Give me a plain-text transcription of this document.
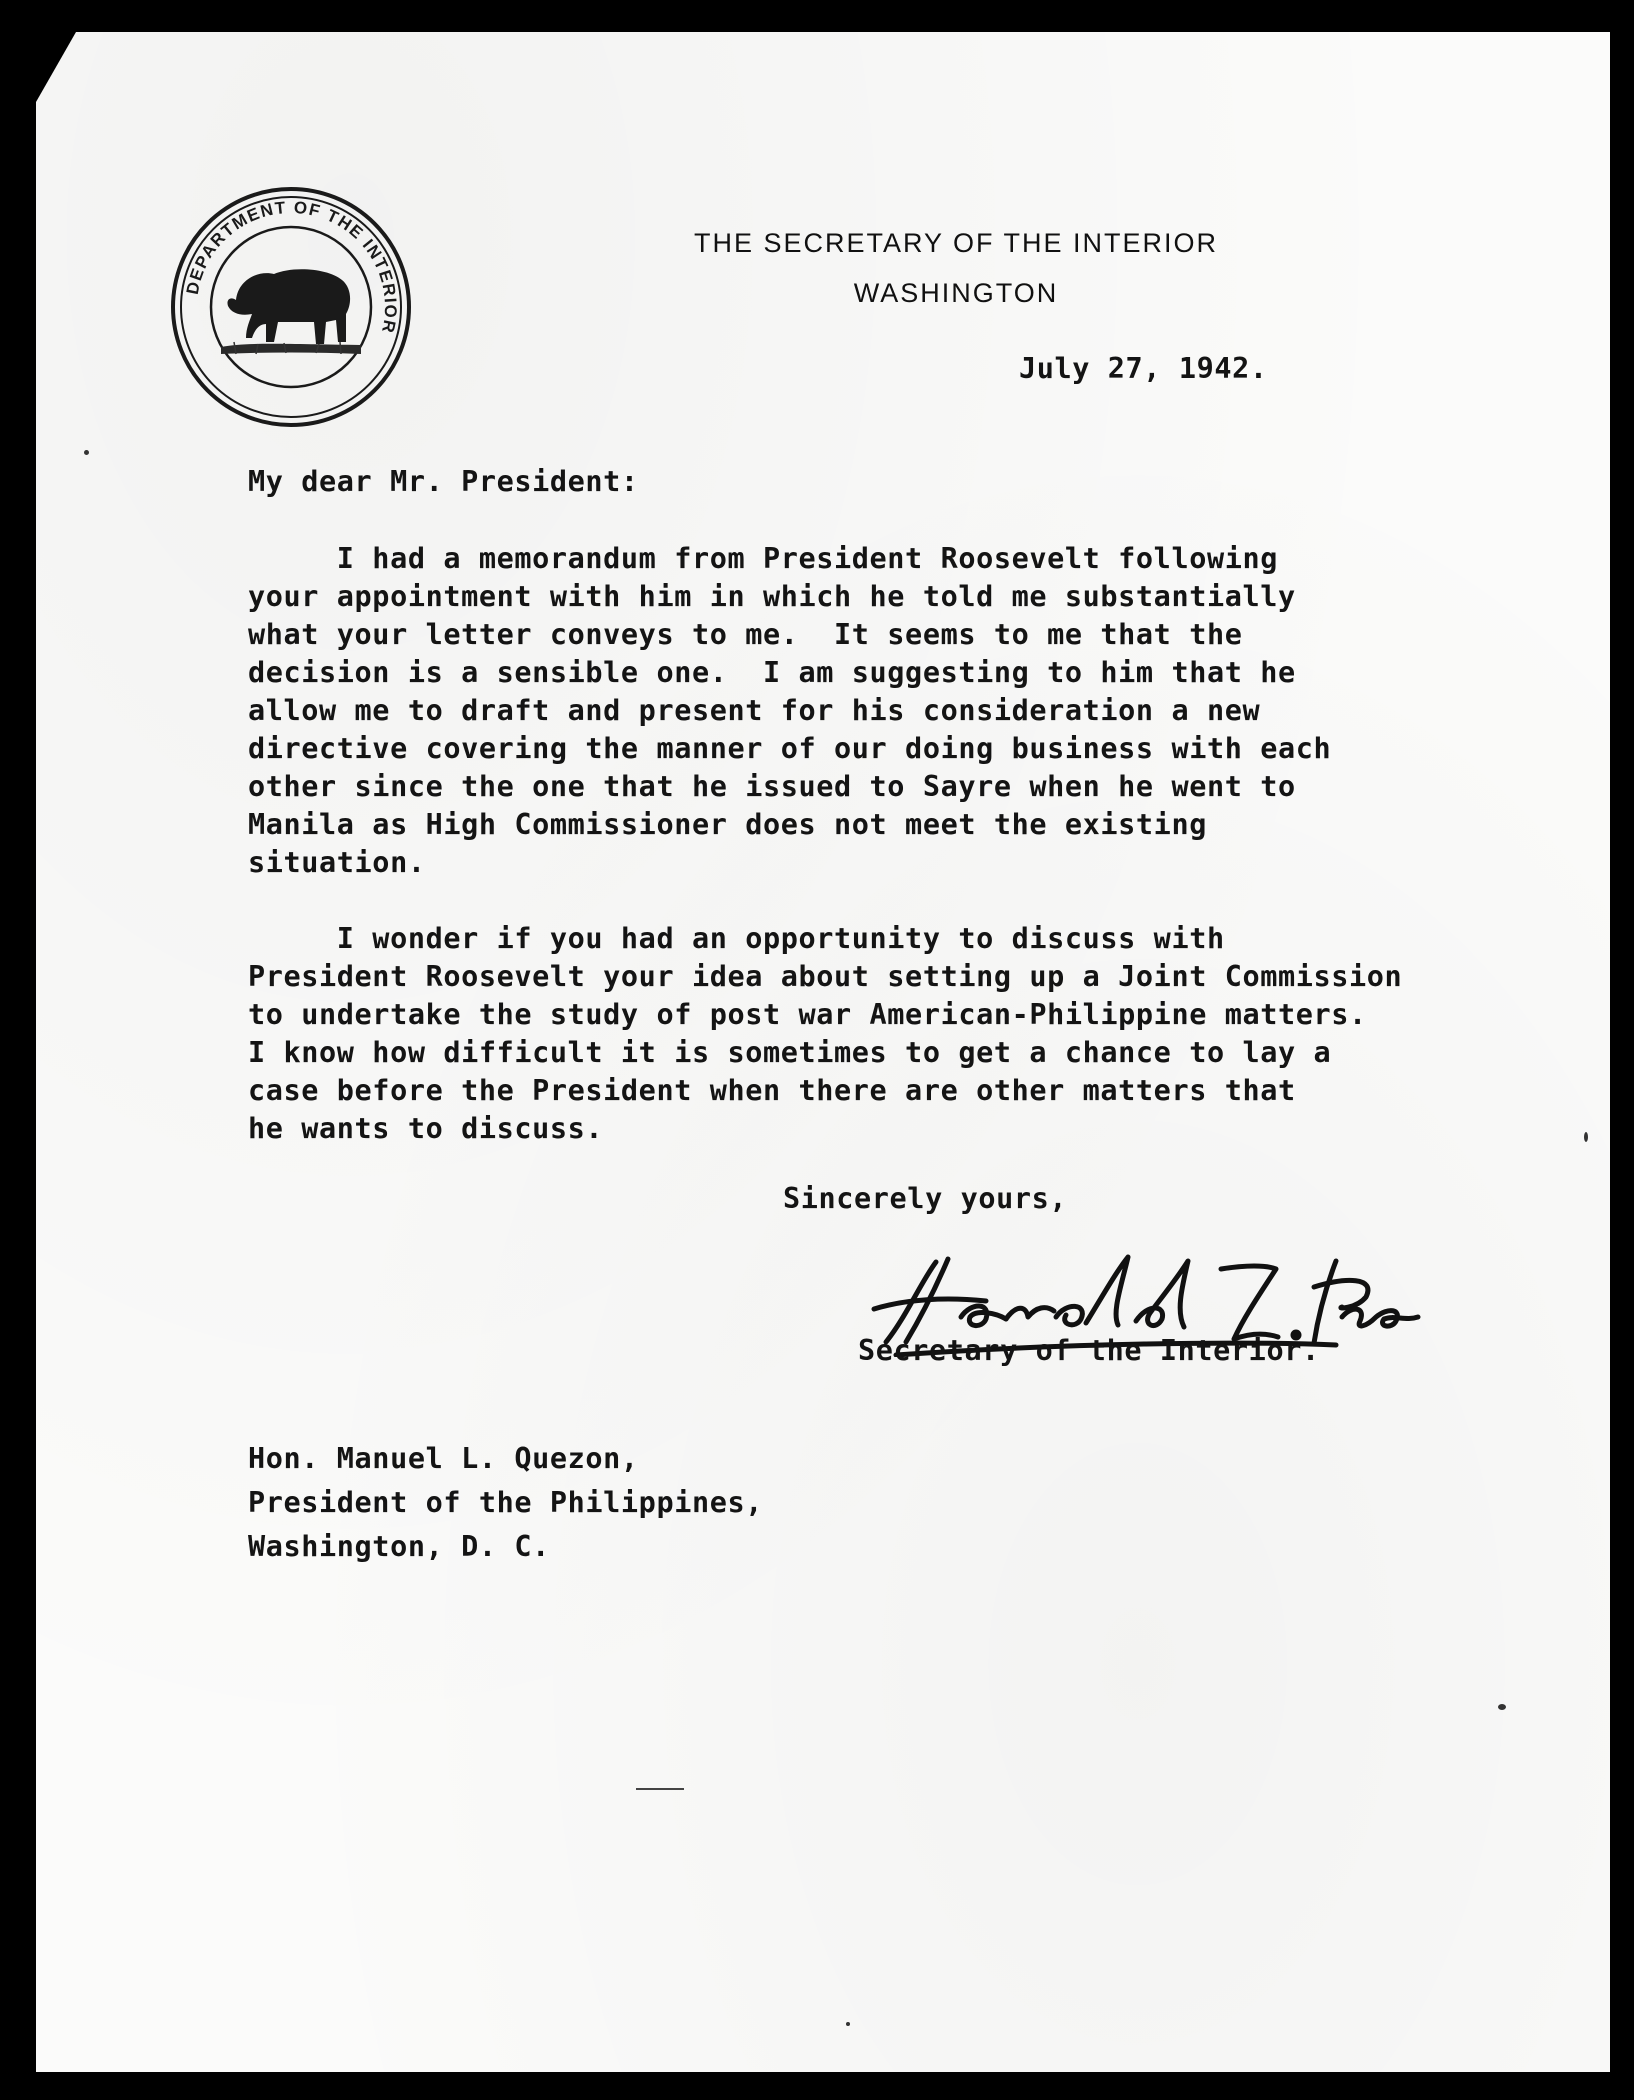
DEPARTMENT OF THE INTERIOR
THE SECRETARY OF THE INTERIOR
WASHINGTON
July 27, 1942.
My dear Mr. President:
I had a memorandum from President Roosevelt following
your appointment with him in which he told me substantially
what your letter conveys to me.  It seems to me that the
decision is a sensible one.  I am suggesting to him that he
allow me to draft and present for his consideration a new
directive covering the manner of our doing business with each
other since the one that he issued to Sayre when he went to
Manila as High Commissioner does not meet the existing
situation.
I wonder if you had an opportunity to discuss with
President Roosevelt your idea about setting up a Joint Commission
to undertake the study of post war American-Philippine matters.
I know how difficult it is sometimes to get a chance to lay a
case before the President when there are other matters that
he wants to discuss.
Sincerely yours,
Secretary of the Interior.
Hon. Manuel L. Quezon,
President of the Philippines,
Washington, D. C.
